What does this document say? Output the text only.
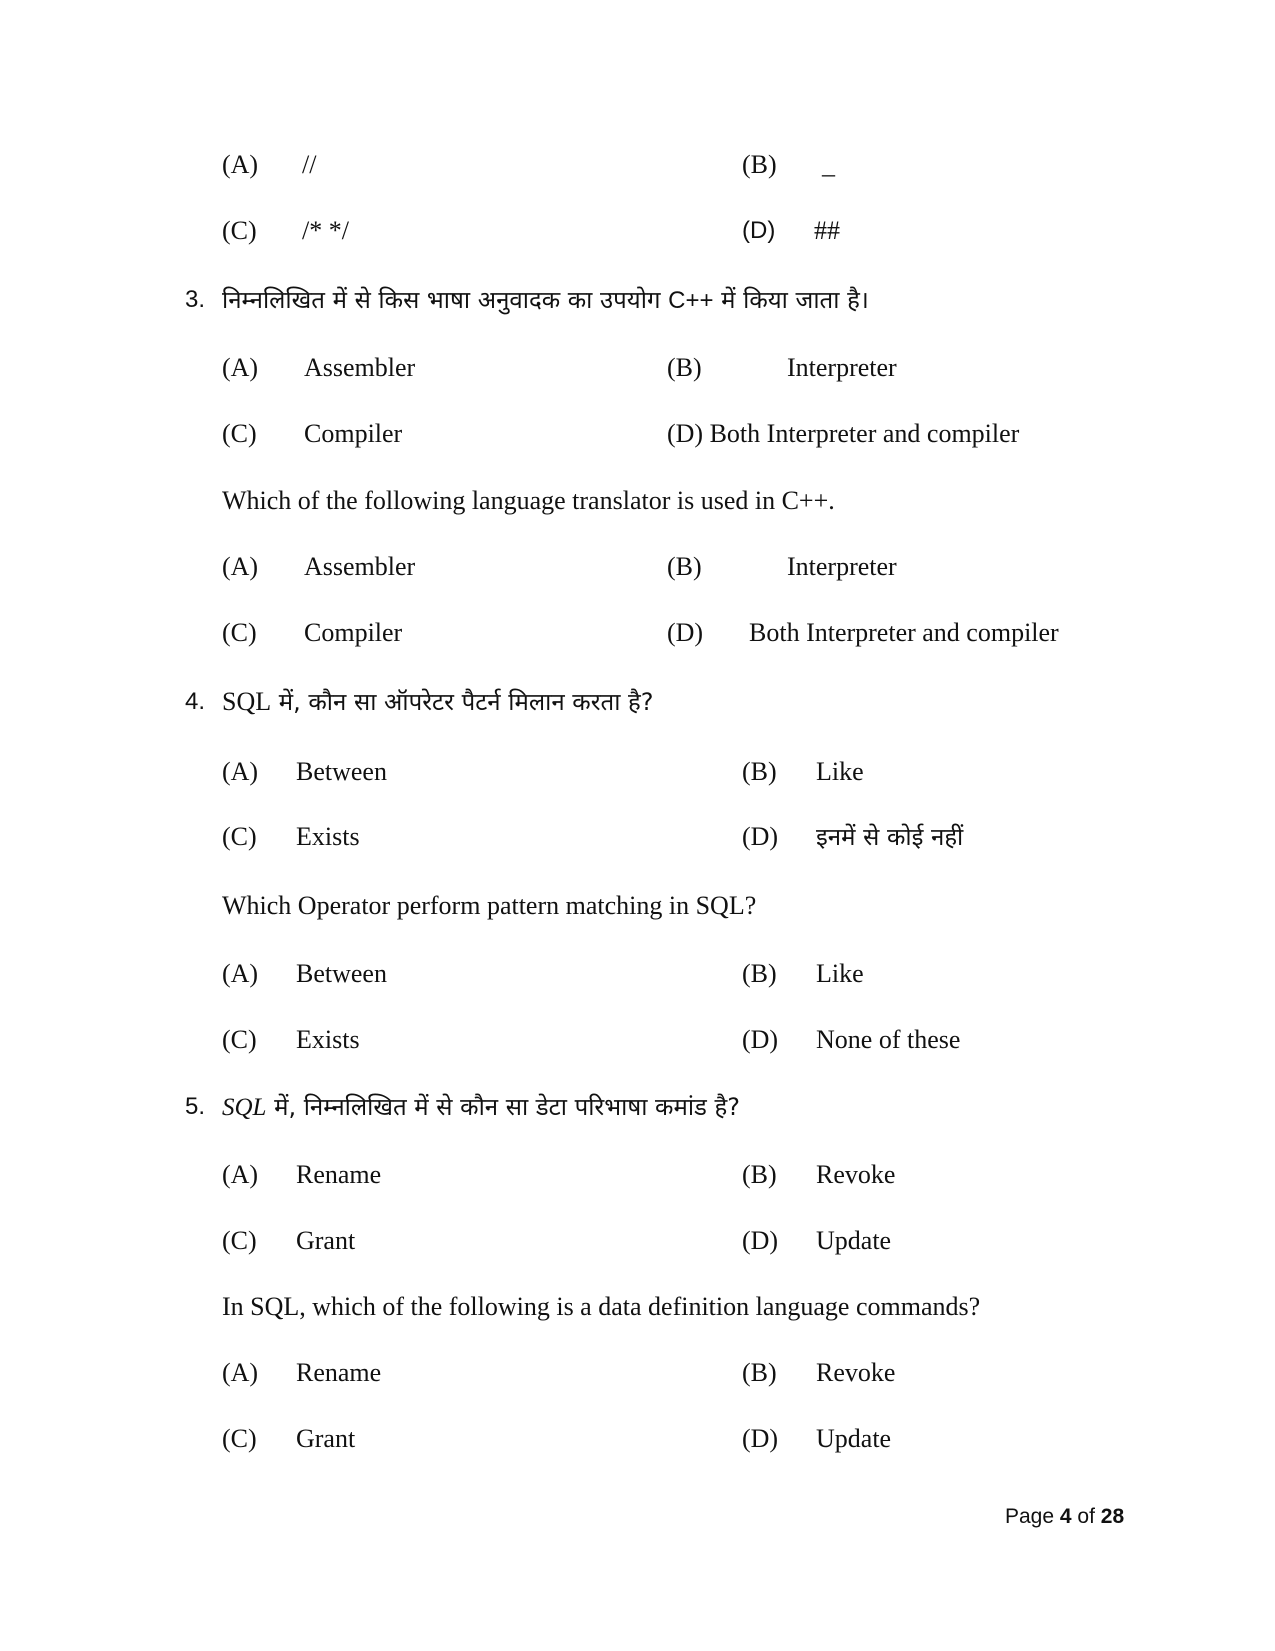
(A) //	(B) _
(C) /* */	(D) ##
3. निम्नलिखित में से किस भाषा अनुवादक का उपयोग C++ में किया जाता है।
(A) Assembler	(B)	Interpreter
(C) Compiler	(D) Both Interpreter and compiler
Which of the following language translator is used in C++.
(A) Assembler	(B)	Interpreter
(C) Compiler	(D) Both Interpreter and compiler
4. SQL में, कौन सा ऑपरेटर पैटर्न मिलान करता है?
(A) Between	(B) Like
(C) Exists	(D) इनमें से कोई नहीं
Which Operator perform pattern matching in SQL?
(A) Between	(B) Like
(C) Exists	(D) None of these
5. SQL में, निम्नलिखित में से कौन सा डेटा परिभाषा कमांड है?
(A) Rename	(B) Revoke
(C) Grant	(D) Update
In SQL, which of the following is a data definition language commands?
(A) Rename	(B) Revoke
(C) Grant	(D) Update
Page 4 of 28
